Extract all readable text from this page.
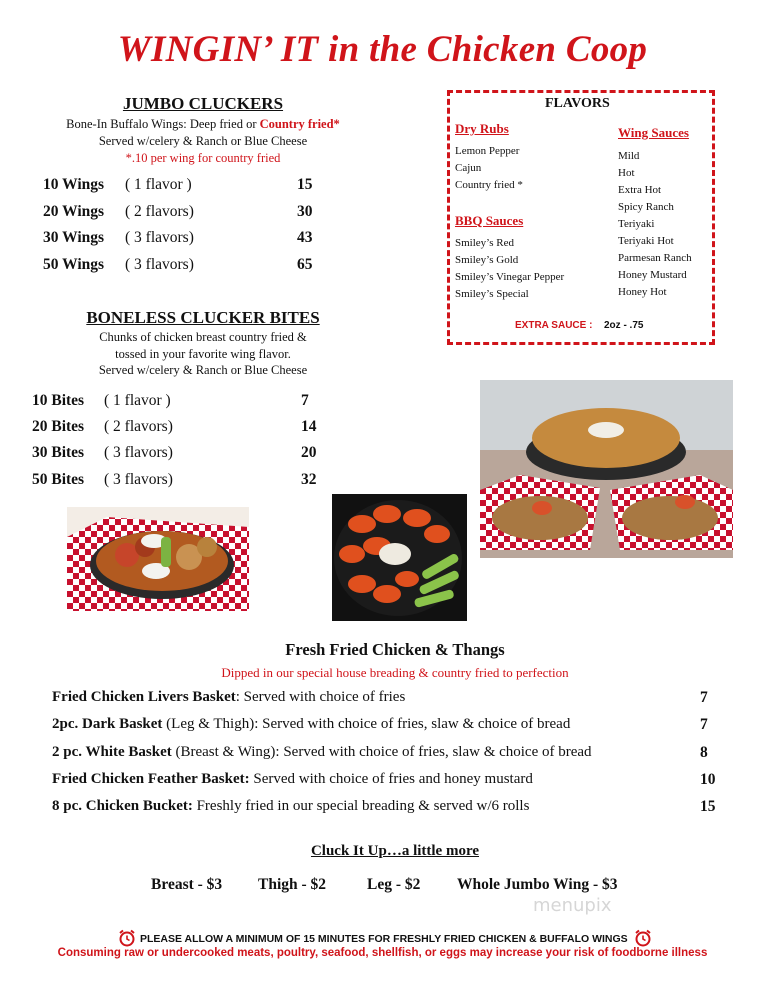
WINGIN’ IT in the Chicken Coop
JUMBO CLUCKERS
Bone-In Buffalo Wings: Deep fried or Country fried*
Served w/celery & Ranch or Blue Cheese
*.10 per wing for country fried
10 Wings ( 1 flavor )	15
20 Wings ( 2 flavors)	30
30 Wings ( 3 flavors)	43
50 Wings ( 3 flavors)	65
BONELESS CLUCKER BITES
Chunks of chicken breast country fried &
tossed in your favorite wing flavor.
Served w/celery & Ranch or Blue Cheese
10 Bites ( 1 flavor )	7
20 Bites ( 2 flavors)	14
30 Bites ( 3 flavors)	20
50 Bites ( 3 flavors)	32
FLAVORS
Dry Rubs
Lemon Pepper
Cajun
Country fried *
BBQ Sauces
Smiley’s Red
Smiley’s Gold
Smiley’s Vinegar Pepper
Smiley’s Special
Wing Sauces
Mild
Hot
Extra Hot
Spicy Ranch
Teriyaki
Teriyaki Hot
Parmesan Ranch
Honey Mustard
Honey Hot
EXTRA SAUCE : 2oz - .75
Fresh Fried Chicken & Thangs
Dipped in our special house breading & country fried to perfection
Fried Chicken Livers Basket: Served with choice of fries	7
2pc. Dark Basket (Leg & Thigh): Served with choice of fries, slaw & choice of bread	7
2 pc. White Basket (Breast & Wing): Served with choice of fries, slaw & choice of bread	8
Fried Chicken Feather Basket: Served with choice of fries and honey mustard	10
8 pc. Chicken Bucket: Freshly fried in our special breading & served w/6 rolls	15
Cluck It Up…a little more
Breast - $3 Thigh - $2	Leg - $2 Whole Jumbo Wing - $3
menupix
PLEASE ALLOW A MINIMUM OF 15 MINUTES FOR FRESHLY FRIED CHICKEN & BUFFALO WINGS
Consuming raw or undercooked meats, poultry, seafood, shellfish, or eggs may increase your risk of foodborne illness
